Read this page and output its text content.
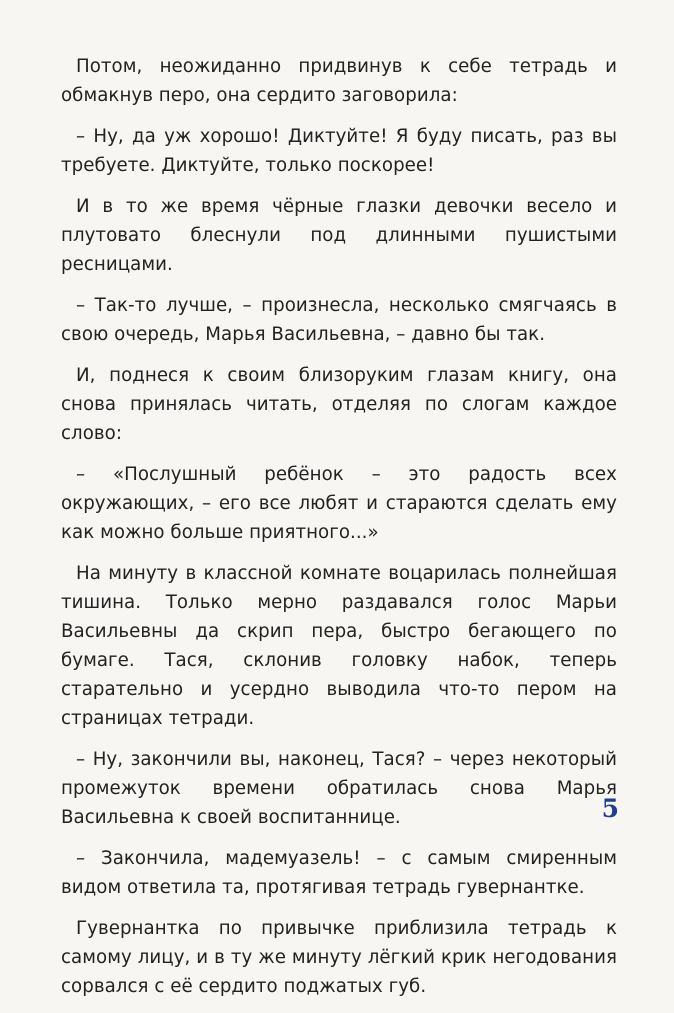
Потом, неожиданно придвинув к себе тетрадь и обмакнув перо, она сердито заговорила:

– Ну, да уж хорошо! Диктуйте! Я буду писать, раз вы требуете. Диктуйте, только поскорее!

И в то же время чёрные глазки девочки весело и плутовато блеснули под длинными пушистыми ресницами.

– Так-то лучше, – произнесла, несколько смягчаясь в свою очередь, Марья Васильевна, – давно бы так.

И, поднеся к своим близоруким глазам книгу, она снова принялась читать, отделяя по слогам каждое слово:

– «Послушный ребёнок – это радость всех окружающих, – его все любят и стараются сделать ему как можно больше приятного...»

На минуту в классной комнате воцарилась полнейшая тишина. Только мерно раздавался голос Марьи Васильевны да скрип пера, быстро бегающего по бумаге. Тася, склонив головку набок, теперь старательно и усердно выводила что-то пером на страницах тетради.

– Ну, закончили вы, наконец, Тася? – через некоторый промежуток времени обратилась снова Марья Васильевна к своей воспитаннице.

– Закончила, мадемуазель! – с самым смиренным видом ответила та, протягивая тетрадь гувернантке.

Гувернантка по привычке приблизила тетрадь к самому лицу, и в ту же минуту лёгкий крик негодования сорвался с её сердито поджатых губ.

5
